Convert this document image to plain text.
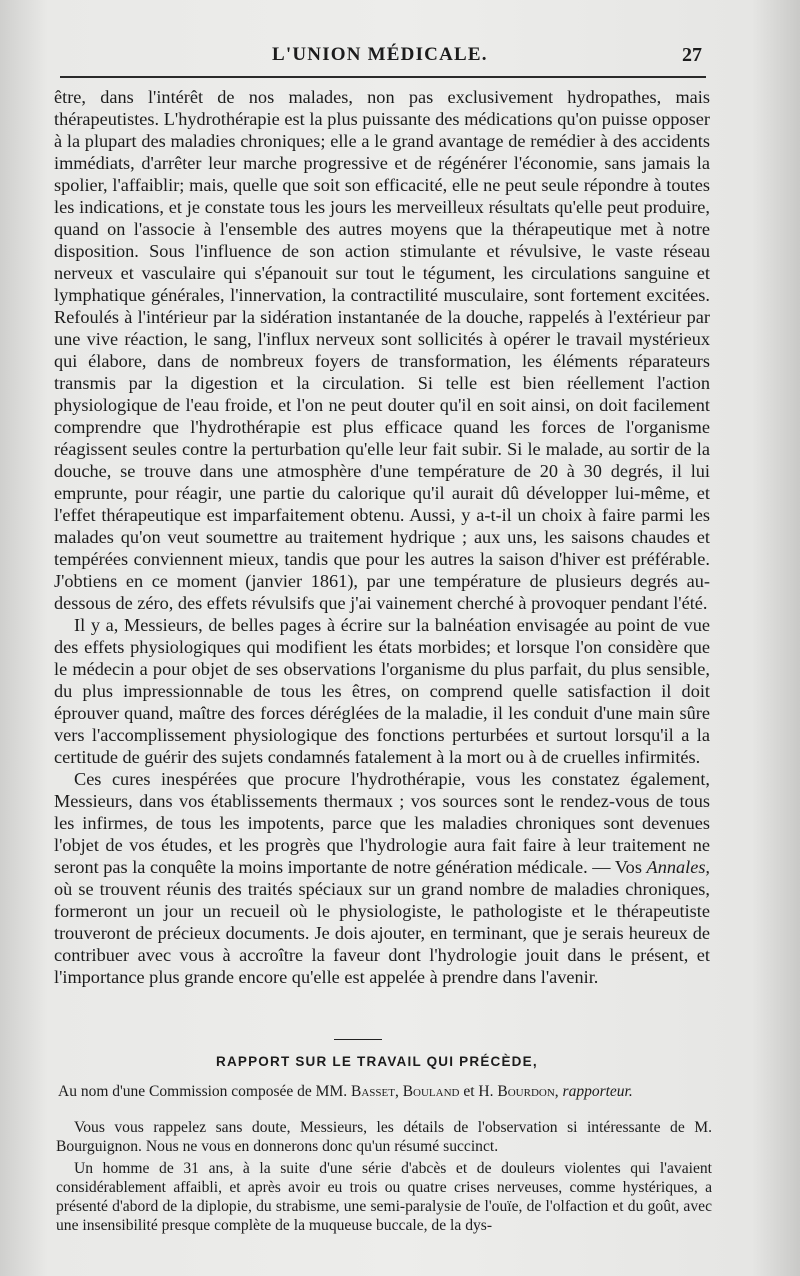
L'UNION MÉDICALE.	27

être, dans l'intérêt de nos malades, non pas exclusivement hydropathes, mais thérapeutistes. L'hydrothérapie est la plus puissante des médications qu'on puisse opposer à la plupart des maladies chroniques; elle a le grand avantage de remédier à des accidents immédiats, d'arrêter leur marche progressive et de régénérer l'économie, sans jamais la spolier, l'affaiblir; mais, quelle que soit son efficacité, elle ne peut seule répondre à toutes les indications, et je constate tous les jours les merveilleux résultats qu'elle peut produire, quand on l'associe à l'ensemble des autres moyens que la thérapeutique met à notre disposition. Sous l'influence de son action stimulante et révulsive, le vaste réseau nerveux et vasculaire qui s'épanouit sur tout le tégument, les circulations sanguine et lymphatique générales, l'innervation, la contractilité musculaire, sont fortement excitées. Refoulés à l'intérieur par la sidération instantanée de la douche, rappelés à l'extérieur par une vive réaction, le sang, l'influx nerveux sont sollicités à opérer le travail mystérieux qui élabore, dans de nombreux foyers de transformation, les éléments réparateurs transmis par la digestion et la circulation. Si telle est bien réellement l'action physiologique de l'eau froide, et l'on ne peut douter qu'il en soit ainsi, on doit facilement comprendre que l'hydrothérapie est plus efficace quand les forces de l'organisme réagissent seules contre la perturbation qu'elle leur fait subir. Si le malade, au sortir de la douche, se trouve dans une atmosphère d'une température de 20 à 30 degrés, il lui emprunte, pour réagir, une partie du calorique qu'il aurait dû développer lui-même, et l'effet thérapeutique est imparfaitement obtenu. Aussi, y a-t-il un choix à faire parmi les malades qu'on veut soumettre au traitement hydrique ; aux uns, les saisons chaudes et tempérées conviennent mieux, tandis que pour les autres la saison d'hiver est préférable. J'obtiens en ce moment (janvier 1861), par une température de plusieurs degrés au-dessous de zéro, des effets révulsifs que j'ai vainement cherché à provoquer pendant l'été.

Il y a, Messieurs, de belles pages à écrire sur la balnéation envisagée au point de vue des effets physiologiques qui modifient les états morbides; et lorsque l'on considère que le médecin a pour objet de ses observations l'organisme du plus parfait, du plus sensible, du plus impressionnable de tous les êtres, on comprend quelle satisfaction il doit éprouver quand, maître des forces déréglées de la maladie, il les conduit d'une main sûre vers l'accomplissement physiologique des fonctions perturbées et surtout lorsqu'il a la certitude de guérir des sujets condamnés fatalement à la mort ou à de cruelles infirmités.

Ces cures inespérées que procure l'hydrothérapie, vous les constatez également, Messieurs, dans vos établissements thermaux ; vos sources sont le rendez-vous de tous les infirmes, de tous les impotents, parce que les maladies chroniques sont devenues l'objet de vos études, et les progrès que l'hydrologie aura fait faire à leur traitement ne seront pas la conquête la moins importante de notre génération médicale. — Vos Annales, où se trouvent réunis des traités spéciaux sur un grand nombre de maladies chroniques, formeront un jour un recueil où le physiologiste, le pathologiste et le thérapeutiste trouveront de précieux documents. Je dois ajouter, en terminant, que je serais heureux de contribuer avec vous à accroître la faveur dont l'hydrologie jouit dans le présent, et l'importance plus grande encore qu'elle est appelée à prendre dans l'avenir.

RAPPORT SUR LE TRAVAIL QUI PRÉCÈDE,
Au nom d'une Commission composée de MM. Basset, Bouland et H. Bourdon, rapporteur.

Vous vous rappelez sans doute, Messieurs, les détails de l'observation si intéressante de M. Bourguignon. Nous ne vous en donnerons donc qu'un résumé succinct.

Un homme de 31 ans, à la suite d'une série d'abcès et de douleurs violentes qui l'avaient considérablement affaibli, et après avoir eu trois ou quatre crises nerveuses, comme hystériques, a présenté d'abord de la diplopie, du strabisme, une semi-paralysie de l'ouïe, de l'olfaction et du goût, avec une insensibilité presque complète de la muqueuse buccale, de la dys-
